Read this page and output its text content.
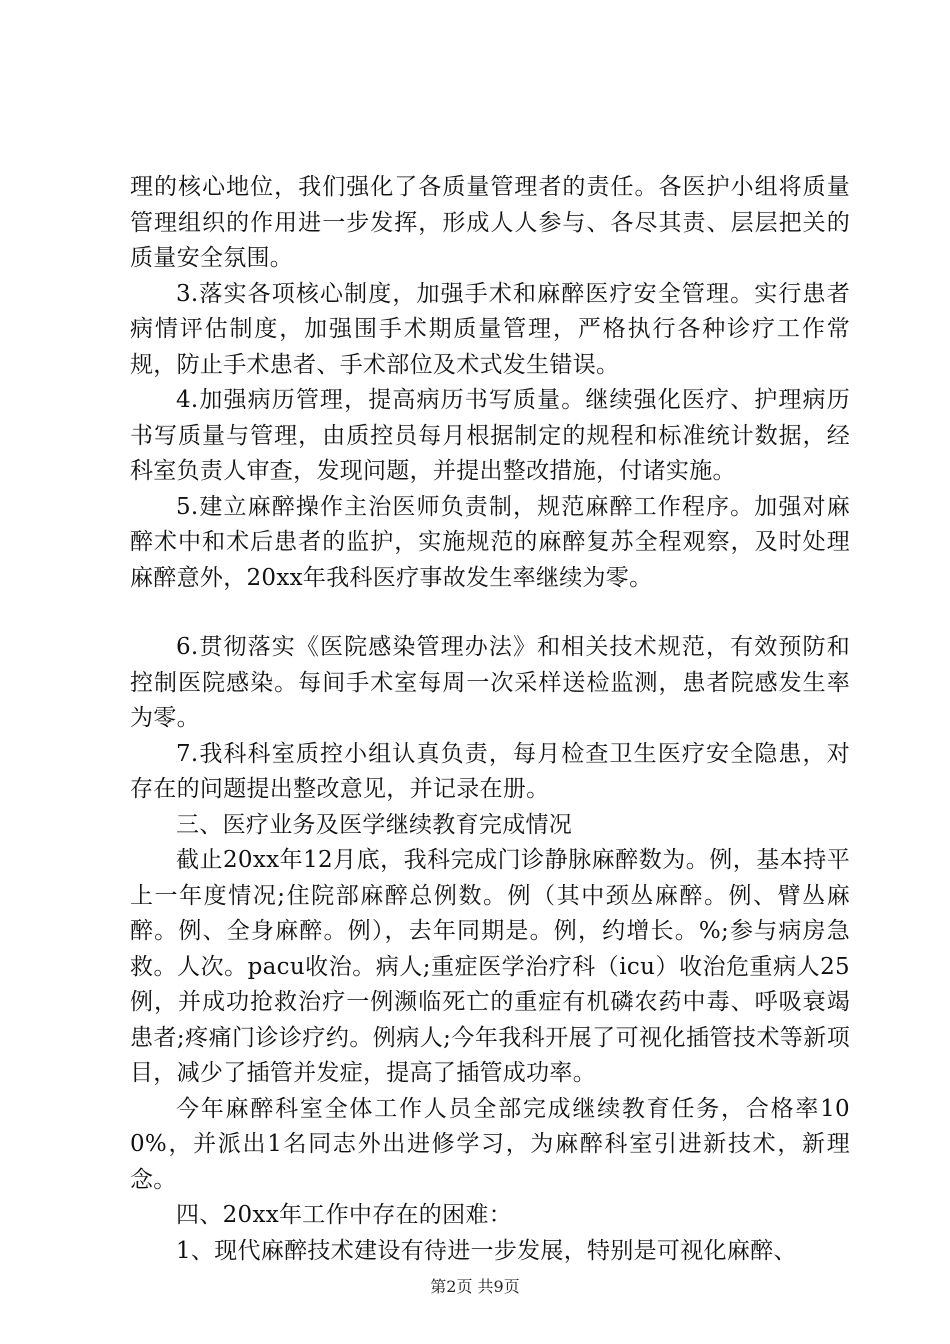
理的核心地位，我们强化了各质量管理者的责任。各医护小组将质量管理组织的作用进一步发挥，形成人人参与、各尽其责、层层把关的质量安全氛围。

3.落实各项核心制度，加强手术和麻醉医疗安全管理。实行患者病情评估制度，加强围手术期质量管理，严格执行各种诊疗工作常规，防止手术患者、手术部位及术式发生错误。

4.加强病历管理，提高病历书写质量。继续强化医疗、护理病历书写质量与管理，由质控员每月根据制定的规程和标准统计数据，经科室负责人审查，发现问题，并提出整改措施，付诸实施。

5.建立麻醉操作主治医师负责制，规范麻醉工作程序。加强对麻醉术中和术后患者的监护，实施规范的麻醉复苏全程观察，及时处理麻醉意外，20xx年我科医疗事故发生率继续为零。

6.贯彻落实《医院感染管理办法》和相关技术规范，有效预防和控制医院感染。每间手术室每周一次采样送检监测，患者院感发生率为零。

7.我科科室质控小组认真负责，每月检查卫生医疗安全隐患，对存在的问题提出整改意见，并记录在册。

三、医疗业务及医学继续教育完成情况

截止20xx年12月底，我科完成门诊静脉麻醉数为。例，基本持平上一年度情况;住院部麻醉总例数。例（其中颈丛麻醉。例、臂丛麻醉。例、全身麻醉。例），去年同期是。例，约增长。%;参与病房急救。人次。pacu收治。病人;重症医学治疗科（icu）收治危重病人25例，并成功抢救治疗一例濒临死亡的重症有机磷农药中毒、呼吸衰竭患者;疼痛门诊诊疗约。例病人;今年我科开展了可视化插管技术等新项目，减少了插管并发症，提高了插管成功率。

今年麻醉科室全体工作人员全部完成继续教育任务，合格率100%，并派出1名同志外出进修学习，为麻醉科室引进新技术，新理念。

四、20xx年工作中存在的困难：

1、现代麻醉技术建设有待进一步发展，特别是可视化麻醉、

第2页 共9页
